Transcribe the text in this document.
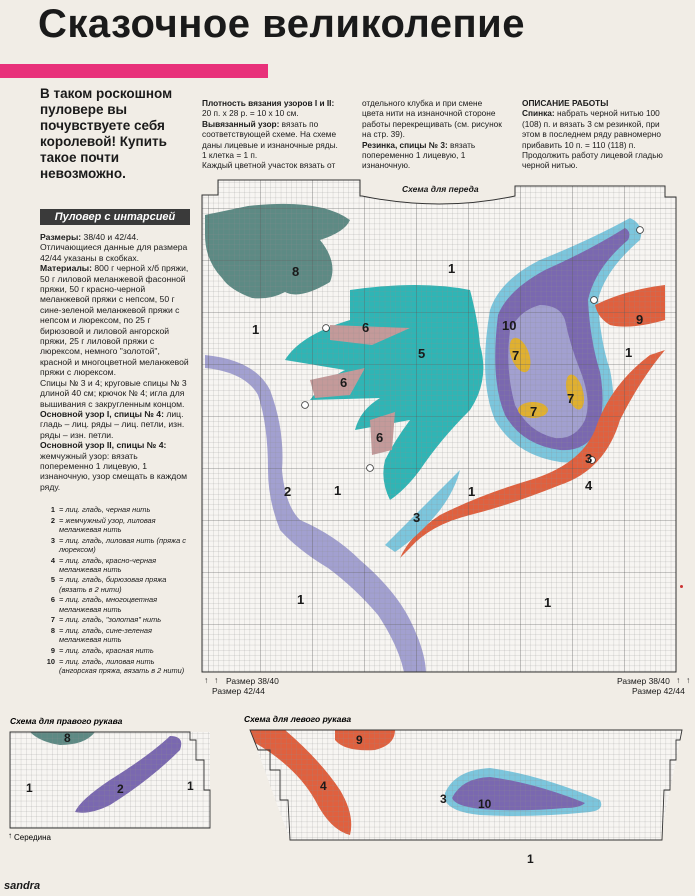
Сказочное великолепие
В таком роскошном пуловере вы почувствуете себя королевой! Купить такое почти невозможно.
Пуловер с интарсией

Размеры: 38/40 и 42/44.

Отличающиеся данные для размера 42/44 указаны в скобках.

Материалы: 800 г черной х/б пряжи, 50 г лиловой меланжевой фасонной пряжи, 50 г красно-черной меланжевой пряжи с непсом, 50 г сине-зеленой меланжевой пряжи с непсом и люрексом, по 25 г бирюзовой и лиловой ангорской пряжи, 25 г лиловой пряжи с люрексом, немного "золотой", красной и многоцветной меланжевой пряжи с люрексом.

Спицы № 3 и 4; круговые спицы № 3 длиной 40 см; крючок № 4; игла для вышивания с закругленным концом.

Основной узор I, спицы № 4: лиц. гладь – лиц. ряды – лиц. петли, изн. ряды – изн. петли.

Основной узор II, спицы № 4: жемчужный узор: вязать попеременно 1 лицевую, 1 изнаночную, узор смещать в каждом ряду.

1 = лиц. гладь, черная нить
2 = жемчужный узор, лиловая меланжевая нить
3 = лиц. гладь, лиловая нить (пряжа с люрексом)
4 = лиц. гладь, красно-черная меланжевая нить
5 = лиц. гладь, бирюзовая пряжа (вязать в 2 нити)
6 = лиц. гладь, многоцветная меланжевая нить
7 = лиц. гладь, "золотая" нить
8 = лиц. гладь, сине-зеленая меланжевая нить
9 = лиц. гладь, красная нить
10 = лиц. гладь, лиловая нить (ангорская пряжа, вязать в 2 нити)

Плотность вязания узоров I и II: 20 п. х 28 р. = 10 х 10 см.

Вывязанный узор: вязать по соответствующей схеме. На схеме даны лицевые и изнаночные ряды. 1 клетка = 1 п.

Каждый цветной участок вязать от

отдельного клубка и при смене цвета нити на изнаночной стороне работы перекрещивать (см. рисунок на стр. 39).

Резинка, спицы № 3: вязать попеременно 1 лицевую, 1 изнаночную.

ОПИСАНИЕ РАБОТЫ

Спинка: набрать черной нитью 100 (108) п. и вязать 3 см резинкой, при этом в последнем ряду равномерно прибавить 10 п. = 110 (118) п. Продолжить работу лицевой гладью черной нитью.

Схема для переда
8	1
1	6
5
10	9
1
6
7
7
7
6
3
2	1	1
3
4
1	1
↑ ↑ Размер 38/40
Размер 42/44
Размер 38/40
Размер 42/44
↑ ↑
Схема для правого рукава
8
1	2	1
↑ Середина
Схема для левого рукава
9
4
3	10
1
sandra
